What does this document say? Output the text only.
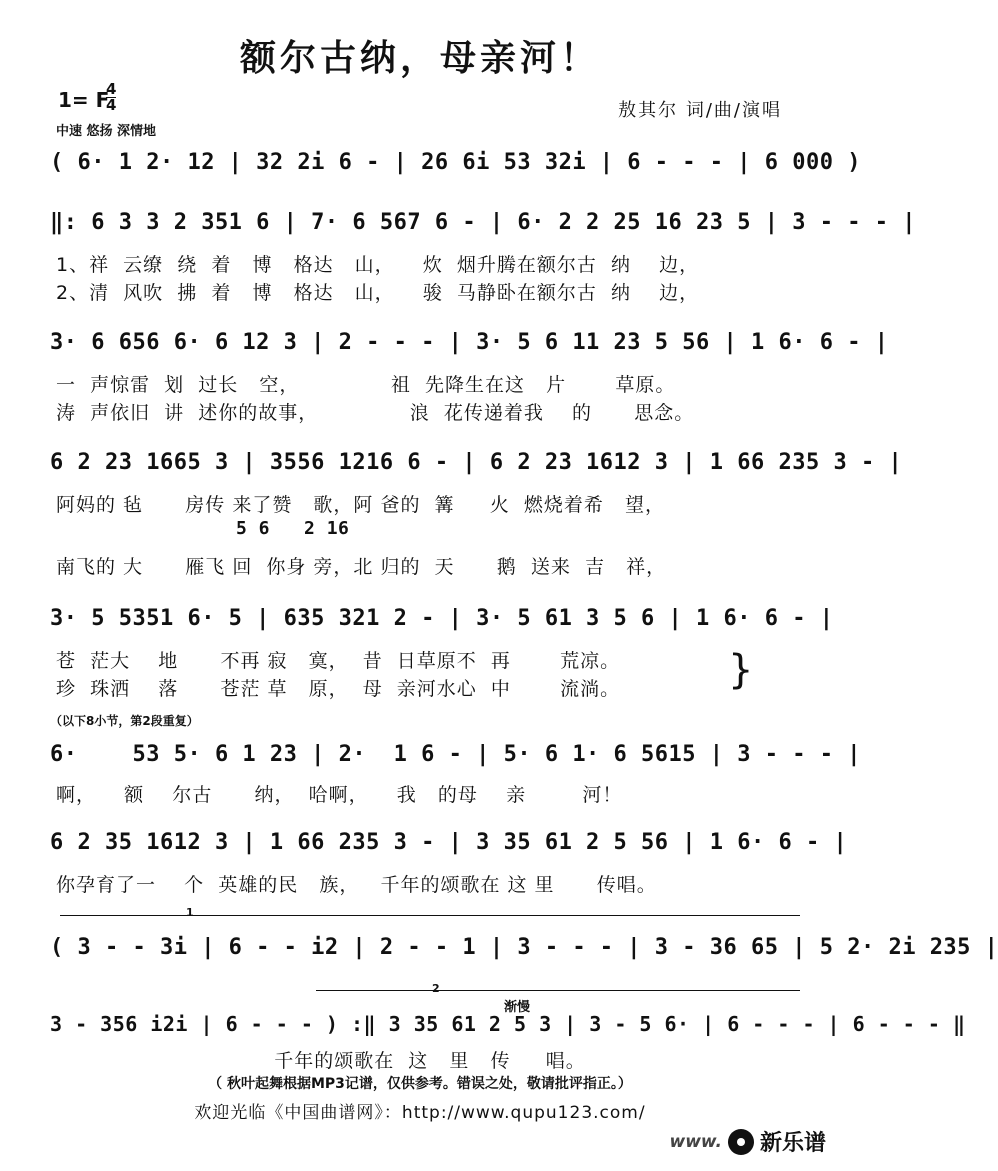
额尔古纳，母亲河！
1= F
4
4
中速 悠扬 深情地
敖其尔 词/曲/演唱
( 6· 1 2· 12 | 32 2i 6 - | 26 6i 53 32i | 6 - - - | 6 000 )
‖: 6 3 3 2 351 6 | 7· 6 567 6 - | 6· 2 2 25 16 23 5 | 3 - - - |
1、祥  云缭  绕  着   博   格达   山，    炊  烟升腾在额尔古  纳    边，
2、清  风吹  拂  着   博   格达   山，    骏  马静卧在额尔古  纳    边，
3· 6 656 6· 6 12 3 | 2 - - - | 3· 5 6 11 23 5 56 | 1 6· 6 - |
一  声惊雷  划  过长   空，             祖  先降生在这   片       草原。
涛  声依旧  讲  述你的故事，             浪  花传递着我    的      思念。
6 2 23 1665 3 | 3556 1216 6 - | 6 2 23 1612 3 | 1 66 235 3 - |
阿妈的 毡      房传 来了赞   歌，阿 爸的  篝     火  燃烧着希   望，
5 6   2 16
南飞的 大      雁飞 回  你身 旁，北 归的  天      鹅  送来  吉   祥，
3· 5 5351 6· 5 | 635 321 2 - | 3· 5 61 3 5 6 | 1 6· 6 - |
苍  茫大    地      不再 寂   寞，  昔  日草原不  再       荒凉。
珍  珠洒    落      苍茫 草   原，  母  亲河水心  中       流淌。	}
（以下8小节，第2段重复）
6·    53 5· 6 1 23 | 2·  1 6 - | 5· 6 1· 6 5615 | 3 - - - |
啊，    额    尔古      纳，  哈啊，    我   的母    亲        河！
6 2 35 1612 3 | 1 66 235 3 - | 3 35 61 2 5 56 | 1 6· 6 - |
你孕育了一    个  英雄的民   族，   千年的颂歌在 这 里      传唱。
1
( 3 - - 3i | 6 - - i2 | 2 - - 1 | 3 - - - | 3 - 36 65 | 5 2· 2i 235 |
2
渐慢
3 - 356 i2i | 6 - - - ) :‖ 3 35 61 2 5 3 | 3 - 5 6· | 6 - - - | 6 - - - ‖
千年的颂歌在  这   里   传     唱。
（ 秋叶起舞根据MP3记谱，仅供参考。错误之处，敬请批评指正。）
欢迎光临《中国曲谱网》：http://www.qupu123.com/
www. 新乐谱
